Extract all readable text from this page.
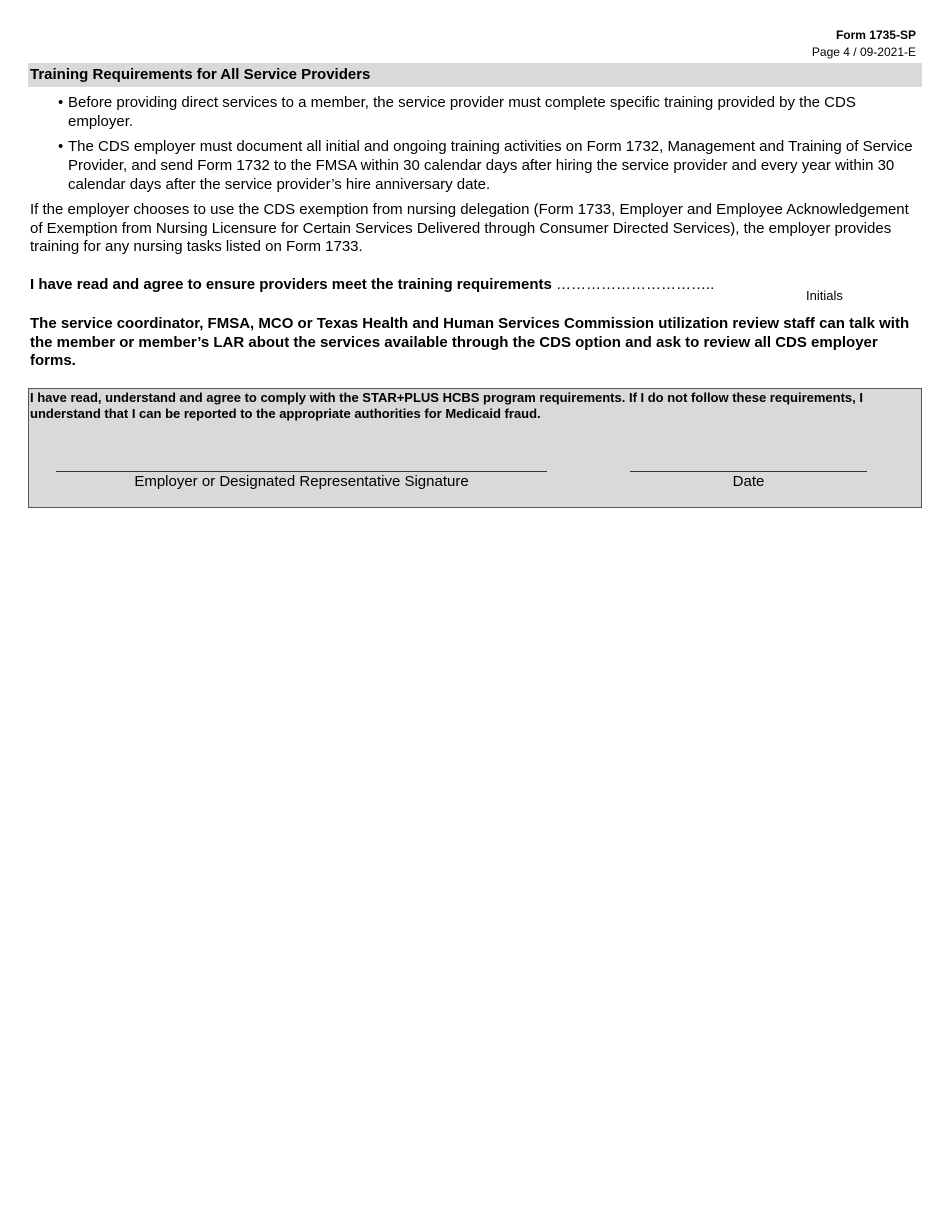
Form 1735-SP
Page 4 / 09-2021-E
Training Requirements for All Service Providers
• Before providing direct services to a member, the service provider must complete specific training provided by the CDS employer.
• The CDS employer must document all initial and ongoing training activities on Form 1732, Management and Training of Service Provider, and send Form 1732 to the FMSA within 30 calendar days after hiring the service provider and every year within 30 calendar days after the service provider’s hire anniversary date.
If the employer chooses to use the CDS exemption from nursing delegation (Form 1733, Employer and Employee Acknowledgement of Exemption from Nursing Licensure for Certain Services Delivered through Consumer Directed Services), the employer provides training for any nursing tasks listed on Form 1733.
I have read and agree to ensure providers meet the training requirements …………………………..
Initials
The service coordinator, FMSA, MCO or Texas Health and Human Services Commission utilization review staff can talk with the member or member’s LAR about the services available through the CDS option and ask to review all CDS employer forms.
I have read, understand and agree to comply with the STAR+PLUS HCBS program requirements. If I do not follow these requirements, I understand that I can be reported to the appropriate authorities for Medicaid fraud.
Employer or Designated Representative Signature	Date
